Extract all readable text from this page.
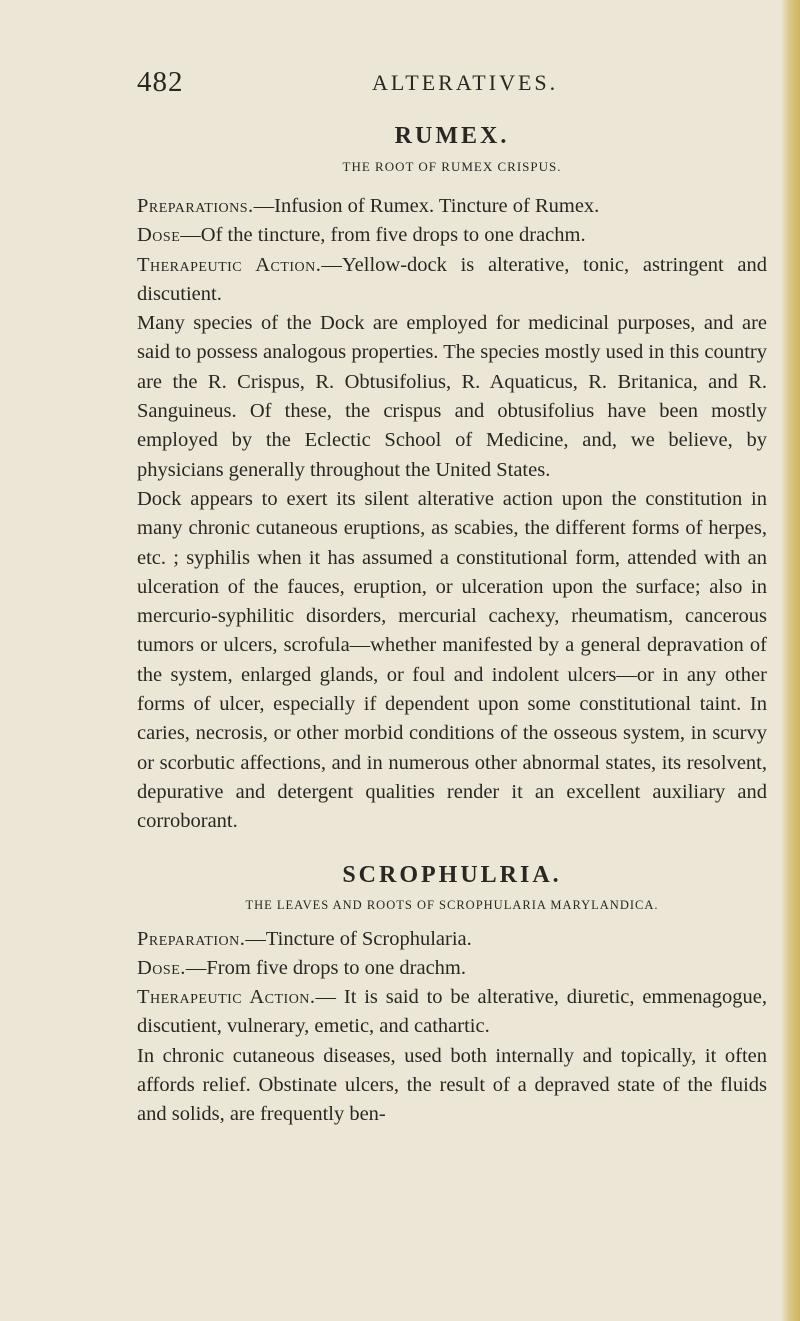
482	ALTERATIVES.
RUMEX.
THE ROOT OF RUMEX CRISPUS.

Preparations.—Infusion of Rumex. Tincture of Rumex.

Dose—Of the tincture, from five drops to one drachm.

Therapeutic Action.—Yellow-dock is alterative, tonic, astringent and discutient.

Many species of the Dock are employed for medicinal purposes, and are said to possess analogous properties. The species mostly used in this country are the R. Crispus, R. Obtusifolius, R. Aquaticus, R. Britanica, and R. Sanguineus. Of these, the crispus and obtusifolius have been mostly employed by the Eclectic School of Medicine, and, we believe, by physicians generally throughout the United States.

Dock appears to exert its silent alterative action upon the constitution in many chronic cutaneous eruptions, as scabies, the different forms of herpes, etc. ; syphilis when it has assumed a constitutional form, attended with an ulceration of the fauces, eruption, or ulceration upon the surface; also in mercurio-syphilitic disorders, mercurial cachexy, rheumatism, cancerous tumors or ulcers, scrofula—whether manifested by a general depravation of the system, enlarged glands, or foul and indolent ulcers—or in any other forms of ulcer, especially if dependent upon some constitutional taint. In caries, necrosis, or other morbid conditions of the osseous system, in scurvy or scorbutic affections, and in numerous other abnormal states, its resolvent, depurative and detergent qualities render it an excellent auxiliary and corroborant.

SCROPHULRIA.
THE LEAVES AND ROOTS OF SCROPHULARIA MARYLANDICA.

Preparation.—Tincture of Scrophularia.

Dose.—From five drops to one drachm.

Therapeutic Action.— It is said to be alterative, diuretic, emmenagogue, discutient, vulnerary, emetic, and cathartic.

In chronic cutaneous diseases, used both internally and topically, it often affords relief. Obstinate ulcers, the result of a depraved state of the fluids and solids, are frequently ben-
